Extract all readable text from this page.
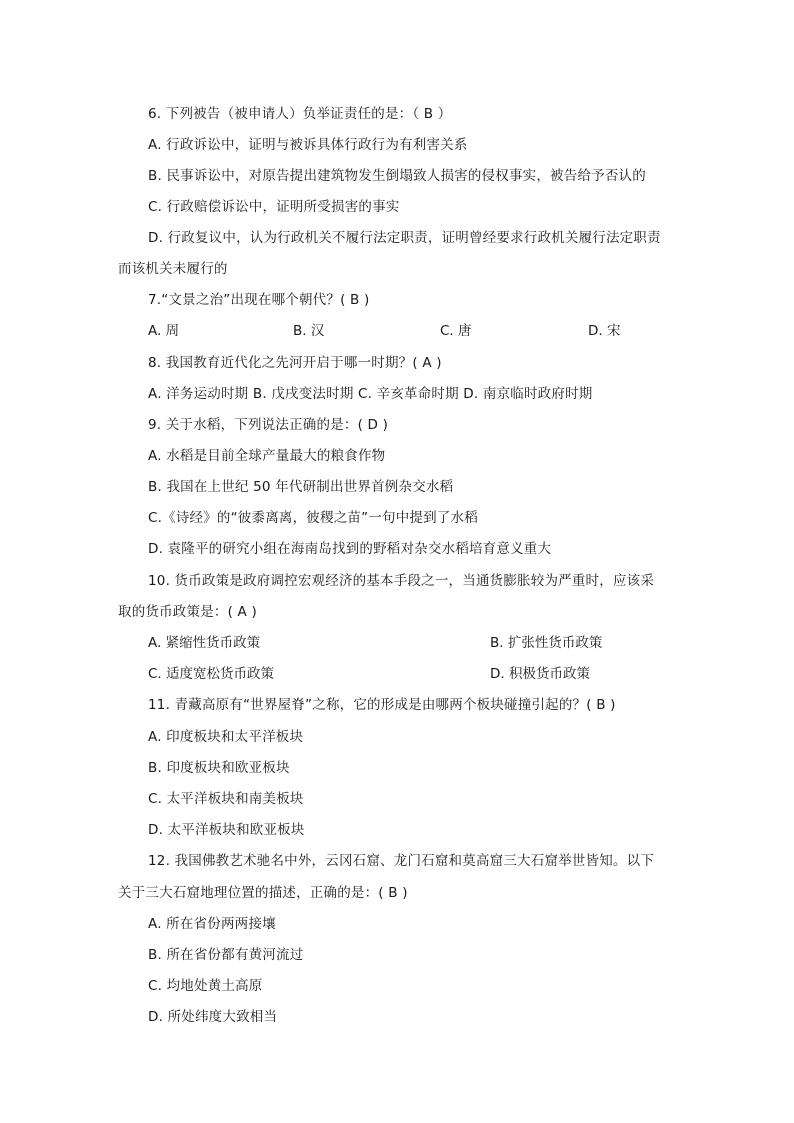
6. 下列被告（被申请人）负举证责任的是：（ B ）
A. 行政诉讼中，证明与被诉具体行政行为有利害关系
B. 民事诉讼中，对原告提出建筑物发生倒塌致人损害的侵权事实，被告给予否认的
C. 行政赔偿诉讼中，证明所受损害的事实
D. 行政复议中，认为行政机关不履行法定职责，证明曾经要求行政机关履行法定职责
而该机关未履行的
7.“文景之治”出现在哪个朝代？( B )
A. 周	B. 汉	C. 唐	D. 宋
8. 我国教育近代化之先河开启于哪一时期？( A )
A. 洋务运动时期 B. 戊戌变法时期 C. 辛亥革命时期 D. 南京临时政府时期
9. 关于水稻，下列说法正确的是：( D )
A. 水稻是目前全球产量最大的粮食作物
B. 我国在上世纪 50 年代研制出世界首例杂交水稻
C.《诗经》的“彼黍离离，彼稷之苗”一句中提到了水稻
D. 袁隆平的研究小组在海南岛找到的野稻对杂交水稻培育意义重大
10. 货币政策是政府调控宏观经济的基本手段之一，当通货膨胀较为严重时，应该采
取的货币政策是：( A )
A. 紧缩性货币政策	B. 扩张性货币政策
C. 适度宽松货币政策	D. 积极货币政策
11. 青藏高原有“世界屋脊”之称，它的形成是由哪两个板块碰撞引起的？( B )
A. 印度板块和太平洋板块
B. 印度板块和欧亚板块
C. 太平洋板块和南美板块
D. 太平洋板块和欧亚板块
12. 我国佛教艺术驰名中外，云冈石窟、龙门石窟和莫高窟三大石窟举世皆知。以下
关于三大石窟地理位置的描述，正确的是：( B )
A. 所在省份两两接壤
B. 所在省份都有黄河流过
C. 均地处黄土高原
D. 所处纬度大致相当
